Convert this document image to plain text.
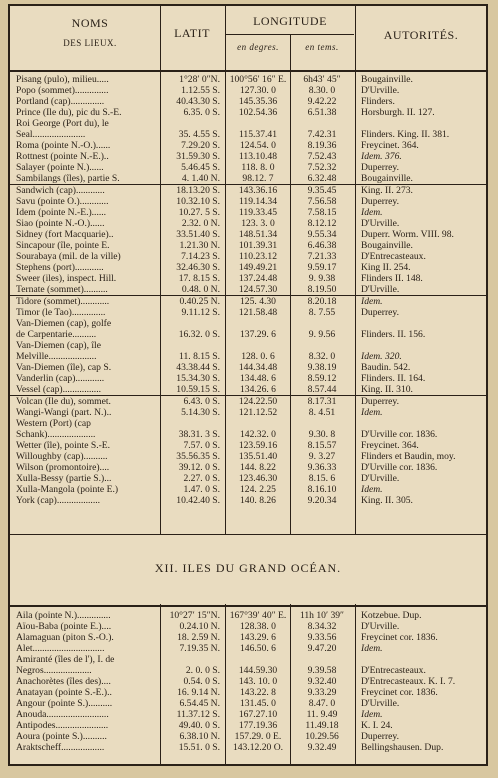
NOMS
DES LIEUX.
LATIT
LONGITUDE
en degres.	en tems.
AUTORITÉS.
Pisang (pulo), milieu.....	1°28′ 0″N.	100°56′ 16″ E.	6h43′ 45″	Bougainville.
Popo (sommet)..............	1.12.55 S.	127.30. 0	8.30. 0	D'Urville.
Portland (cap)..............	40.43.30 S.	145.35.36	9.42.22	Flinders.
Prince (Ile du), pic du S.-E.	6.35. 0 S.	102.54.36	6.51.38	Horsburgh. II. 127.
Roi George (Port du), le
Seal......................	35. 4.55 S.	115.37.41	7.42.31	Flinders. King. II. 381.
Roma (pointe N.-O.)......	7.29.20 S.	124.54. 0	8.19.36	Freycinet. 364.
Rottnest (pointe N.-E.)..	31.59.30 S.	113.10.48	7.52.43	Idem. 376.
Salayer (pointe N.)......	5.46.45 S.	118. 8. 0	7.52.32	Duperrey.
Sambilangs (îles), partie S.	4. 1.40 N.	98.12. 7	6.32.48	Bougainville.
Sandwich (cap)............	18.13.20 S.	143.36.16	9.35.45	King. II. 273.
Savu (pointe O.)............	10.32.10 S.	119.14.34	7.56.58	Duperrey.
Idem (pointe N.-E.)......	10.27. 5 S.	119.33.45	7.58.15	Idem.
Siao (pointe N.-O.)......	2.32. 0 N.	123. 3. 0	8.12.12	D'Urville.
Sidney (fort Macquarie)..	33.51.40 S.	148.51.34	9.55.34	Duperr. Worm. VIII. 98.
Sincapour (île, pointe E.	1.21.30 N.	101.39.31	6.46.38	Bougainville.
Sourabaya (mil. de la ville)	7.14.23 S.	110.23.12	7.21.33	D'Entrecasteaux.
Stephens (port)............	32.46.30 S.	149.49.21	9.59.17	King II. 254.
Sweer (iles), inspect. Hill.	17. 8.15 S.	137.24.48	9. 9.38	Flinders II. 148.
Ternate (sommet)..........	0.48. 0 N.	124.57.30	8.19.50	D'Urville.
Tidore (sommet)............	0.40.25 N.	125. 4.30	8.20.18	Idem.
Timor (le Tao)..............	9.11.12 S.	121.58.48	8. 7.55	Duperrey.
Van-Diemen (cap), golfe
de Carpentarie..........	16.32. 0 S.	137.29. 6	9. 9.56	Flinders. II. 156.
Van-Diemen (cap), île
Melville....................	11. 8.15 S.	128. 0. 6	8.32. 0	Idem. 320.
Van-Diemen (île), cap S.	43.38.44 S.	144.34.48	9.38.19	Baudin. 542.
Vanderlin (cap)............	15.34.30 S.	134.48. 6	8.59.12	Flinders. II. 164.
Vessel (cap)................	10.59.15 S.	134.26. 6	8.57.44	King. II. 310.
Volcan (Ile du), sommet.	6.43. 0 S.	124.22.50	8.17.31	Duperrey.
Wangi-Wangi (part. N.)..	5.14.30 S.	121.12.52	8. 4.51	Idem.
Western (Port) (cap
Schank)....................	38.31. 3 S.	142.32. 0	9.30. 8	D'Urville cor. 1836.
Wetter (île), pointe S.-E.	7.57. 0 S.	123.59.16	8.15.57	Freycinet. 364.
Willoughby (cap)..........	35.56.35 S.	135.51.40	9. 3.27	Flinders et Baudin, moy.
Wilson (promontoire)....	39.12. 0 S.	144. 8.22	9.36.33	D'Urville cor. 1836.
Xulla-Bessy (partie S.)...	2.27. 0 S.	123.46.30	8.15. 6	D'Urville.
Xulla-Mangola (pointe E.)	1.47. 0 S.	124. 2.25	8.16.10	Idem.
York (cap)..................	10.42.40 S.	140. 8.26	9.20.34	King. II. 305.
XII. ILES DU GRAND OCÉAN.
Aila (pointe N.)..............	10°27′ 15″N.	167°39′ 40″ E.	11h 10′ 39″	Kotzebue. Dup.
Aïou-Baba (pointe E.)....	0.24.10 N.	128.38. 0	8.34.32	D'Urville.
Alamaguan (piton S.-O.).	18. 2.59 N.	143.29. 6	9.33.56	Freycinet cor. 1836.
Alet..............................	7.19.35 N.	146.50. 6	9.47.20	Idem.
Amiranté (îles de l'), I. de
Negros....................	2. 0. 0 S.	144.59.30	9.39.58	D'Entrecasteaux.
Anachorètes (îles des)....	0.54. 0 S.	143. 10. 0	9.32.40	D'Entrecasteaux. K. I. 7.
Anatayan (pointe S.-E.)..	16. 9.14 N.	143.22. 8	9.33.29	Freycinet cor. 1836.
Angour (pointe S.)..........	6.54.45 N.	131.45. 0	8.47. 0	D'Urville.
Anouda..........................	11.37.12 S.	167.27.10	11. 9.49	Idem.
Antipodes......................	49.40. 0 S.	177.19.36	11.49.18	K. I. 24.
Aoura (pointe S.)..........	6.38.10 N.	157.29. 0 E.	10.29.56	Duperrey.
Araktscheff..................	15.51. 0 S.	143.12.20 O.	9.32.49	Bellingshausen. Dup.
